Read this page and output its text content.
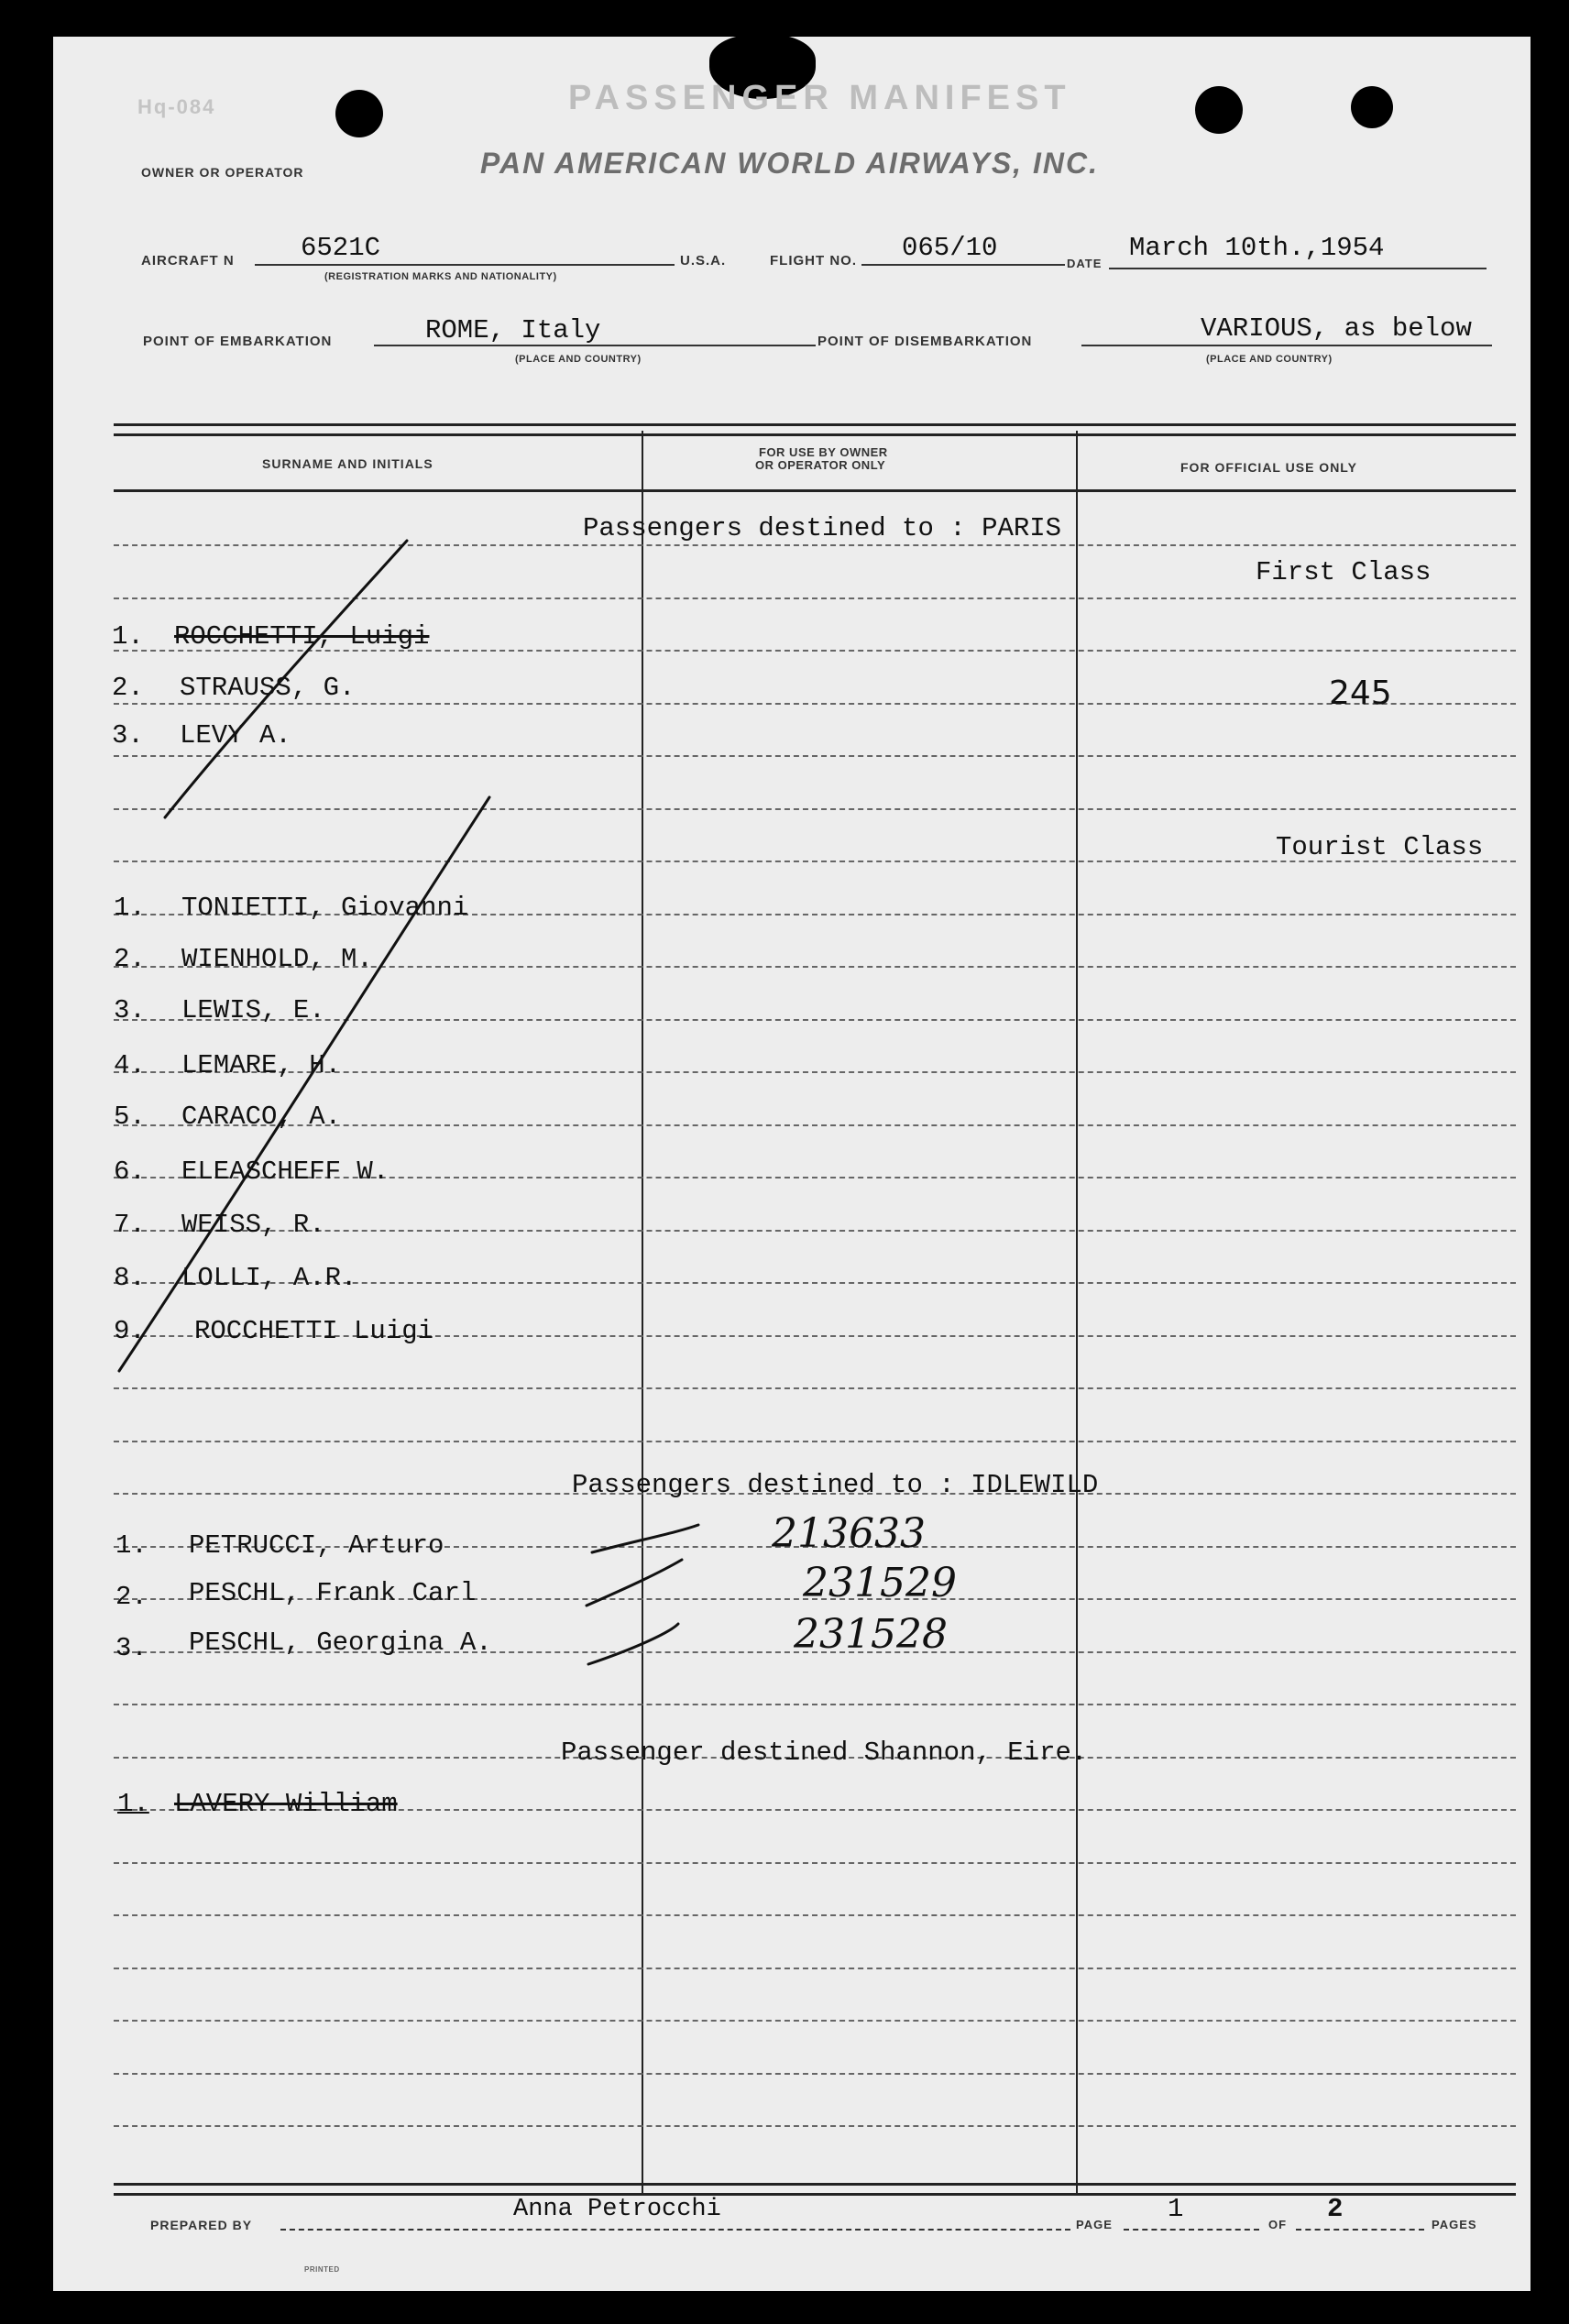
Hq-084	PASSENGER MANIFEST
OWNER OR OPERATOR	PAN AMERICAN WORLD AIRWAYS, INC.
AIRCRAFT N 6521C
(REGISTRATION MARKS AND NATIONALITY)
U.S.A.	FLIGHT NO. 065/10
DATE
March 10th.,1954
POINT OF EMBARKATION	ROME, Italy
(PLACE AND COUNTRY)
POINT OF DISEMBARKATION	VARIOUS, as below
(PLACE AND COUNTRY)
SURNAME AND INITIALS
FOR USE BY OWNER
OR OPERATOR ONLY	FOR OFFICIAL USE ONLY
Passengers destined to : PARIS
First Class
245
1. ROCCHETTI, Luigi
2. STRAUSS, G.
3. LEVY A.
Tourist Class
1. TONIETTI, Giovanni
2. WIENHOLD, M.
3. LEWIS, E.
4. LEMARE, H.
5. CARACO, A.
6. ELEASCHEFF W.
7. WEISS, R.
8. LOLLI, A.R.
9. ROCCHETTI Luigi
Passengers destined to : IDLEWILD
1. PETRUCCI, Arturo	213633
2. PESCHL, Frank Carl	231529
3. PESCHL, Georgina A.	231528
Passenger destined Shannon, Eire.
1. LAVERY William
PREPARED BY
Anna Petrocchi
PAGE
1
OF
2
PAGES
PRINTED
